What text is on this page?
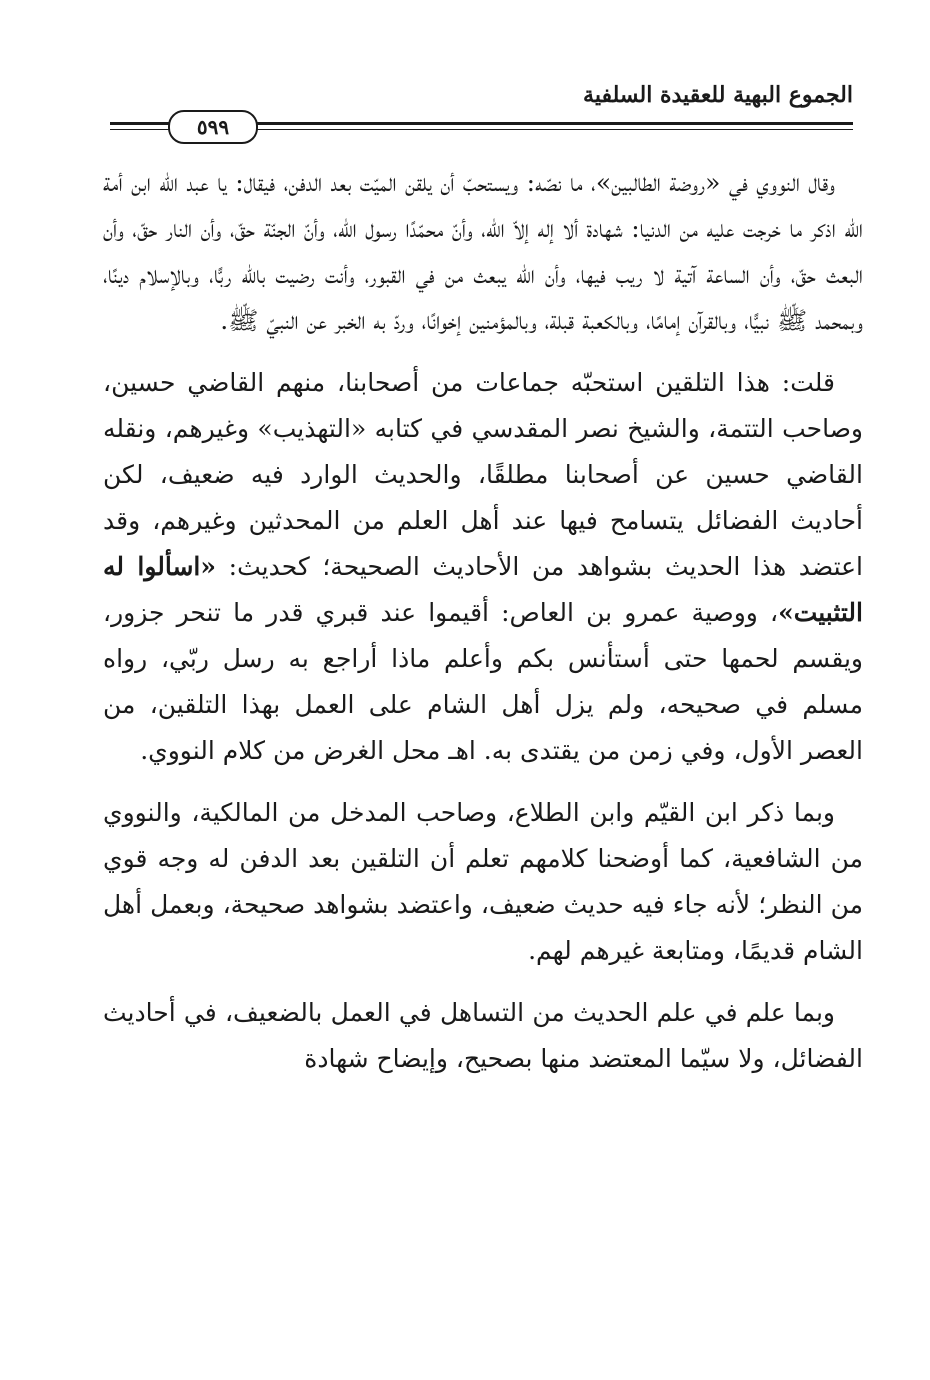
الجموع البهية للعقيدة السلفية
٥٩٩

وقال النووي في «روضة الطالبين»، ما نصّه: ويستحبّ أن يلقن الميّت بعد الدفن، فيقال: يا عبد اللّه ابن أمة اللّه اذكر ما خرجت عليه من الدنيا: شهادة ألا إله إلاّ اللّه، وأنّ محمّدًا رسول اللّه، وأنّ الجنّة حقّ، وأن النار حقّ، وأن البعث حقّ، وأن الساعة آتية لا ريب فيها، وأن اللّه يبعث من في القبور، وأنت رضيت باللّه ربًّا، وبالإسلام دينًا، وبمحمد ﷺ نبيًّا، وبالقرآن إمامًا، وبالكعبة قبلة، وبالمؤمنين إخوانًا، وردّ به الخبر عن النبيّ ﷺ.

قلت: هذا التلقين استحبّه جماعات من أصحابنا، منهم القاضي حسين، وصاحب التتمة، والشيخ نصر المقدسي في كتابه «التهذيب» وغيرهم، ونقله القاضي حسين عن أصحابنا مطلقًا، والحديث الوارد فيه ضعيف، لكن أحاديث الفضائل يتسامح فيها عند أهل العلم من المحدثين وغيرهم، وقد اعتضد هذا الحديث بشواهد من الأحاديث الصحيحة؛ كحديث: «اسألوا له التثبيت»، ووصية عمرو بن العاص: أقيموا عند قبري قدر ما تنحر جزور، ويقسم لحمها حتى أستأنس بكم وأعلم ماذا أراجع به رسل ربّي، رواه مسلم في صحيحه، ولم يزل أهل الشام على العمل بهذا التلقين، من العصر الأول، وفي زمن من يقتدى به. اهـ محل الغرض من كلام النووي.

وبما ذكر ابن القيّم وابن الطلاع، وصاحب المدخل من المالكية، والنووي من الشافعية، كما أوضحنا كلامهم تعلم أن التلقين بعد الدفن له وجه قوي من النظر؛ لأنه جاء فيه حديث ضعيف، واعتضد بشواهد صحيحة، وبعمل أهل الشام قديمًا، ومتابعة غيرهم لهم.

وبما علم في علم الحديث من التساهل في العمل بالضعيف، في أحاديث الفضائل، ولا سيّما المعتضد منها بصحيح، وإيضاح شهادة
